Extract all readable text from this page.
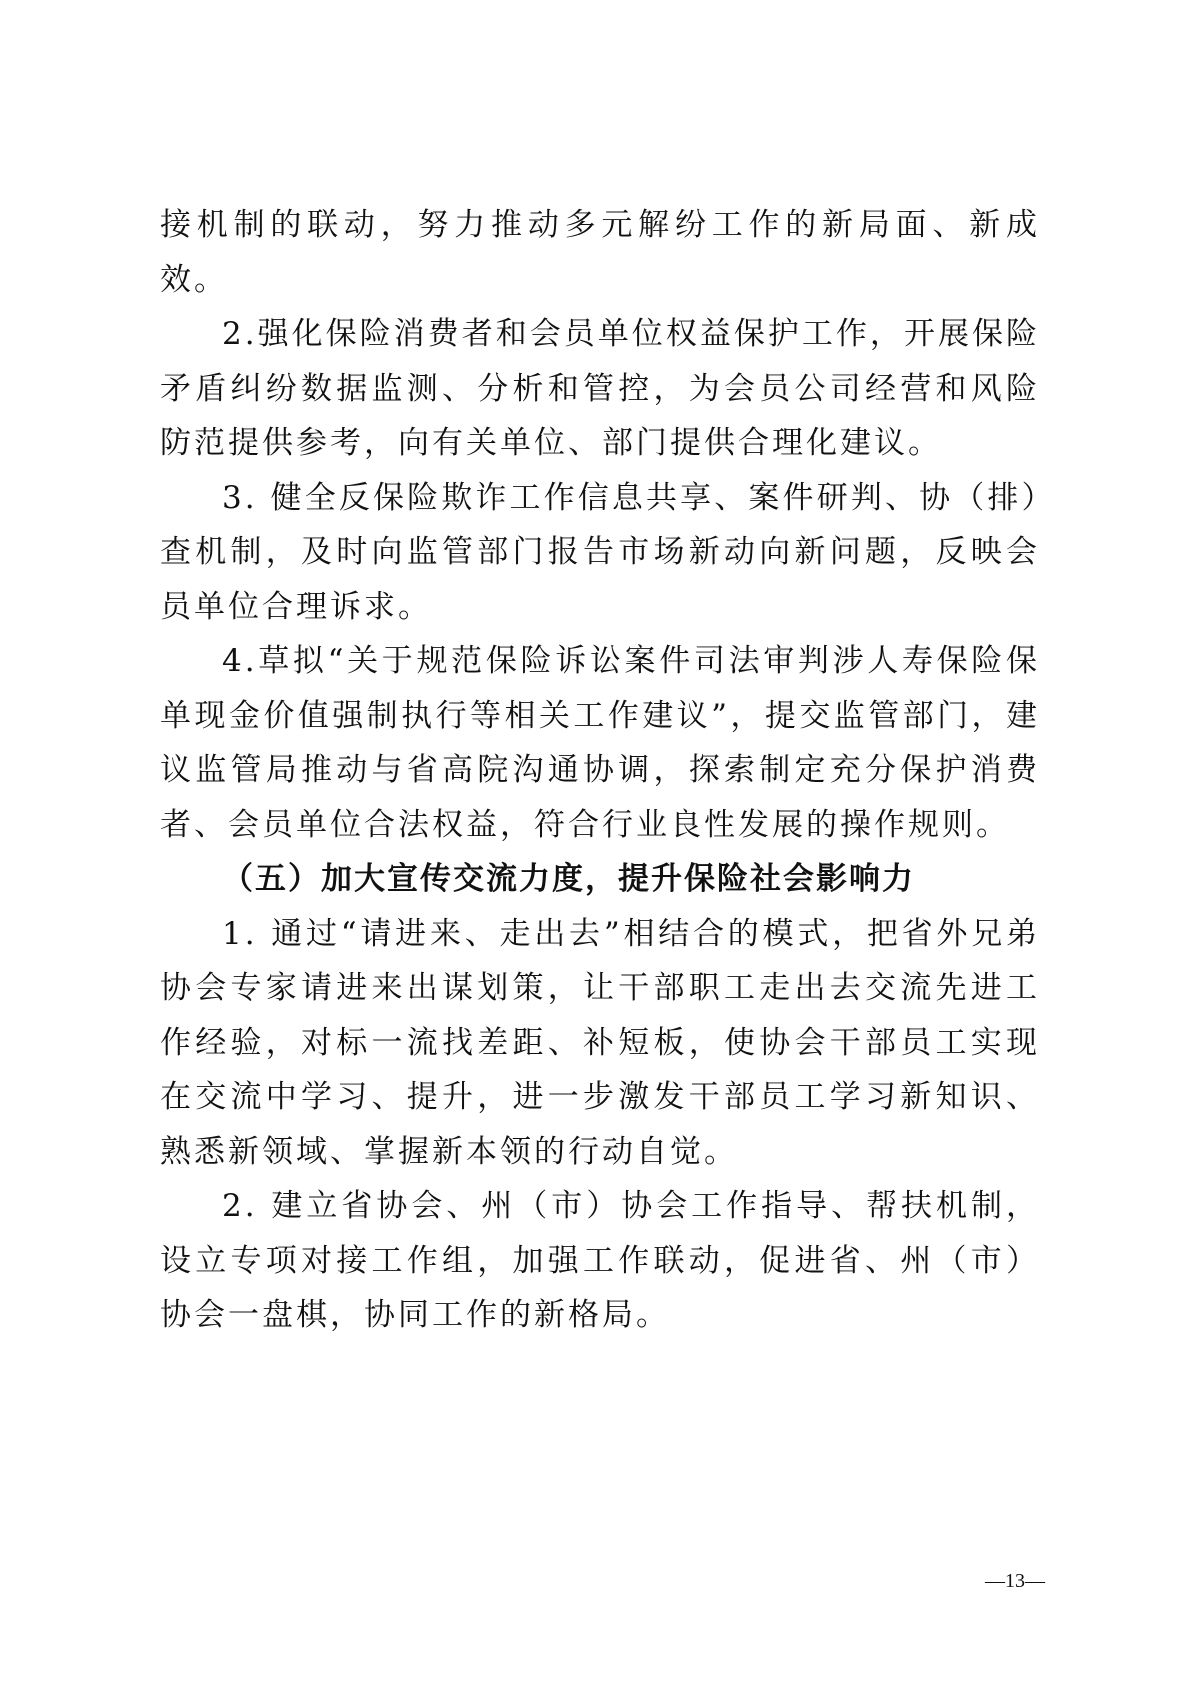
接机制的联动，努力推动多元解纷工作的新局面、新成效。

2.强化保险消费者和会员单位权益保护工作，开展保险矛盾纠纷数据监测、分析和管控，为会员公司经营和风险防范提供参考，向有关单位、部门提供合理化建议。

3. 健全反保险欺诈工作信息共享、案件研判、协（排）查机制，及时向监管部门报告市场新动向新问题，反映会员单位合理诉求。

4.草拟“关于规范保险诉讼案件司法审判涉人寿保险保单现金价值强制执行等相关工作建议”，提交监管部门，建议监管局推动与省高院沟通协调，探索制定充分保护消费者、会员单位合法权益，符合行业良性发展的操作规则。

（五）加大宣传交流力度，提升保险社会影响力

1. 通过“请进来、走出去”相结合的模式，把省外兄弟协会专家请进来出谋划策，让干部职工走出去交流先进工作经验，对标一流找差距、补短板，使协会干部员工实现在交流中学习、提升，进一步激发干部员工学习新知识、熟悉新领域、掌握新本领的行动自觉。

2. 建立省协会、州（市）协会工作指导、帮扶机制，设立专项对接工作组，加强工作联动，促进省、州（市）协会一盘棋，协同工作的新格局。

—13—
